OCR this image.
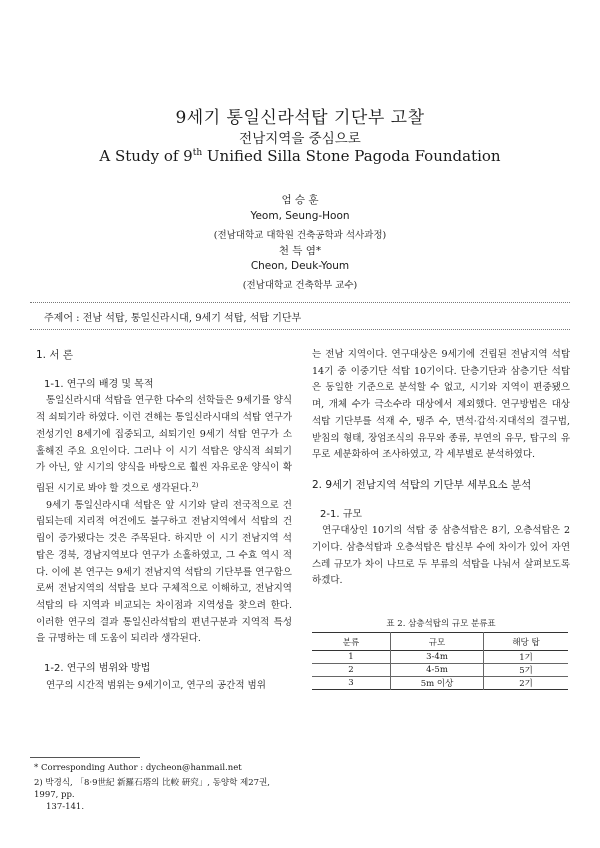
9세기 통일신라석탑 기단부 고찰
전남지역을 중심으로
A Study of 9th Unified Silla Stone Pagoda Foundation
엄 승 훈
Yeom, Seung-Hoon
(전남대학교 대학원 건축공학과 석사과정)
천 득 염*
Cheon, Deuk-Youm
(전남대학교 건축학부 교수)
주제어 : 전남 석탑, 통일신라시대, 9세기 석탑, 석탑 기단부
1. 서 론
1-1. 연구의 배경 및 목적

통일신라시대 석탑을 연구한 다수의 선학들은 9세기를 양식적 쇠퇴기라 하였다. 이런 견해는 통일신라시대의 석탑 연구가 전성기인 8세기에 집중되고, 쇠퇴기인 9세기 석탑 연구가 소홀해진 주요 요인이다. 그러나 이 시기 석탑은 양식적 쇠퇴기가 아닌, 앞 시기의 양식을 바탕으로 훨씬 자유로운 양식이 확립된 시기로 봐야 할 것으로 생각된다.$^{2)}$

9세기 통일신라시대 석탑은 앞 시기와 달리 전국적으로 건립되는데 지리적 여건에도 불구하고 전남지역에서 석탑의 건립이 증가됐다는 것은 주목된다. 하지만 이 시기 전남지역 석탑은 경북, 경남지역보다 연구가 소홀하였고, 그 수효 역시 적다. 이에 본 연구는 9세기 전남지역 석탑의 기단부를 연구함으로써 전남지역의 석탑을 보다 구체적으로 이해하고, 전남지역 석탑의 타 지역과 비교되는 차이점과 지역성을 찾으려 한다. 이러한 연구의 결과 통일신라석탑의 편년구분과 지역적 특성을 규명하는 데 도움이 되리라 생각된다.

1-2. 연구의 범위와 방법

연구의 시간적 범위는 9세기이고, 연구의 공간적 범위

* Corresponding Author : dycheon@hanmail.net
2) 박경식, 「8·9世紀 新羅石塔의 比較 硏究」, 동양학 제27권, 1997, pp.
137-141.

는 전남 지역이다. 연구대상은 9세기에 건립된 전남지역 석탑 14기 중 이중기단 석탑 10기이다. 단층기단과 삼층기단 석탑은 동일한 기준으로 분석할 수 없고, 시기와 지역이 편중됐으며, 개체 수가 극소수라 대상에서 제외했다. 연구방법은 대상 석탑 기단부를 석재 수, 탱주 수, 면석·갑석·지대석의 결구법, 받침의 형태, 장엄조식의 유무와 종류, 부연의 유무, 탑구의 유무로 세분화하여 조사하였고, 각 세부별로 분석하였다.

2. 9세기 전남지역 석탑의 기단부 세부요소 분석
2-1. 규모

연구대상인 10기의 석탑 중 삼층석탑은 8기, 오층석탑은 2기이다. 삼층석탑과 오층석탑은 탑신부 수에 차이가 있어 자연스레 규모가 차이 나므로 두 부류의 석탑을 나눠서 살펴보도록 하겠다.

표 2. 삼층석탑의 규모 분류표
분류	규모	해당 탑
1	3-4m	1기
2	4-5m	5기
3	5m 이상	2기
